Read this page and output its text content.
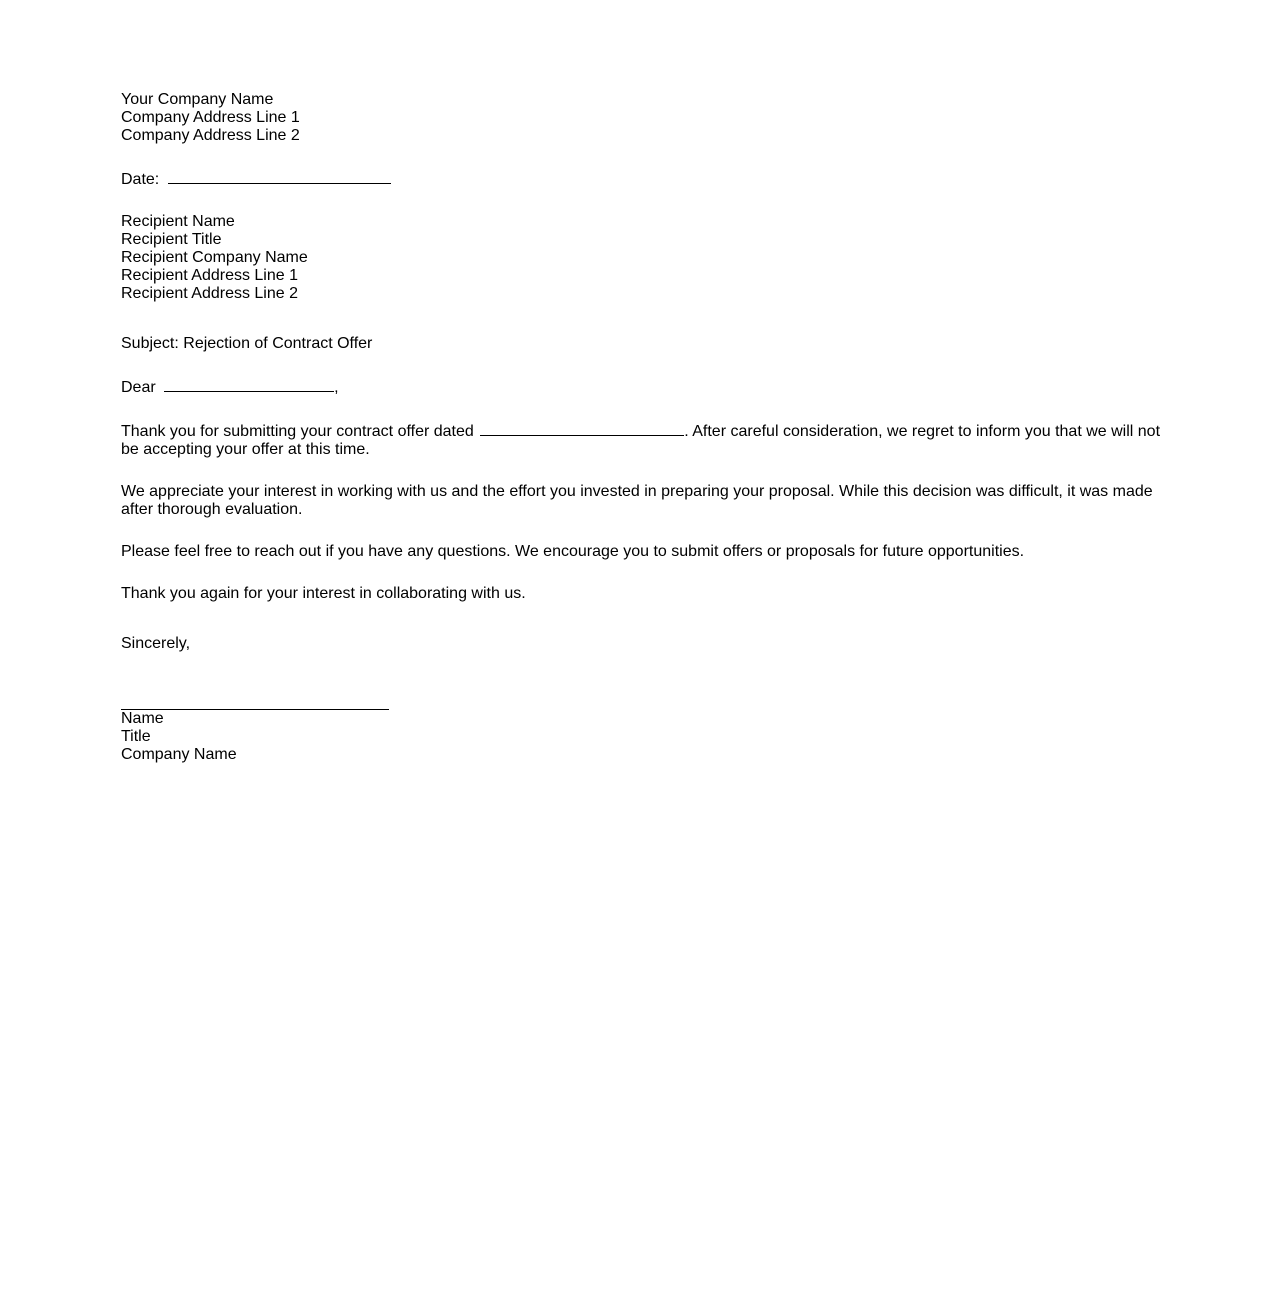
Your Company Name
Company Address Line 1
Company Address Line 2
Date:
Recipient Name
Recipient Title
Recipient Company Name
Recipient Address Line 1
Recipient Address Line 2
Subject: Rejection of Contract Offer
Dear	,

Thank you for submitting your contract offer dated	. After careful consideration, we regret to inform you that we will not be accepting your offer at this time.

We appreciate your interest in working with us and the effort you invested in preparing your proposal. While this decision was difficult, it was made after thorough evaluation.

Please feel free to reach out if you have any questions. We encourage you to submit offers or proposals for future opportunities.

Thank you again for your interest in collaborating with us.

Sincerely,
Name
Title
Company Name
